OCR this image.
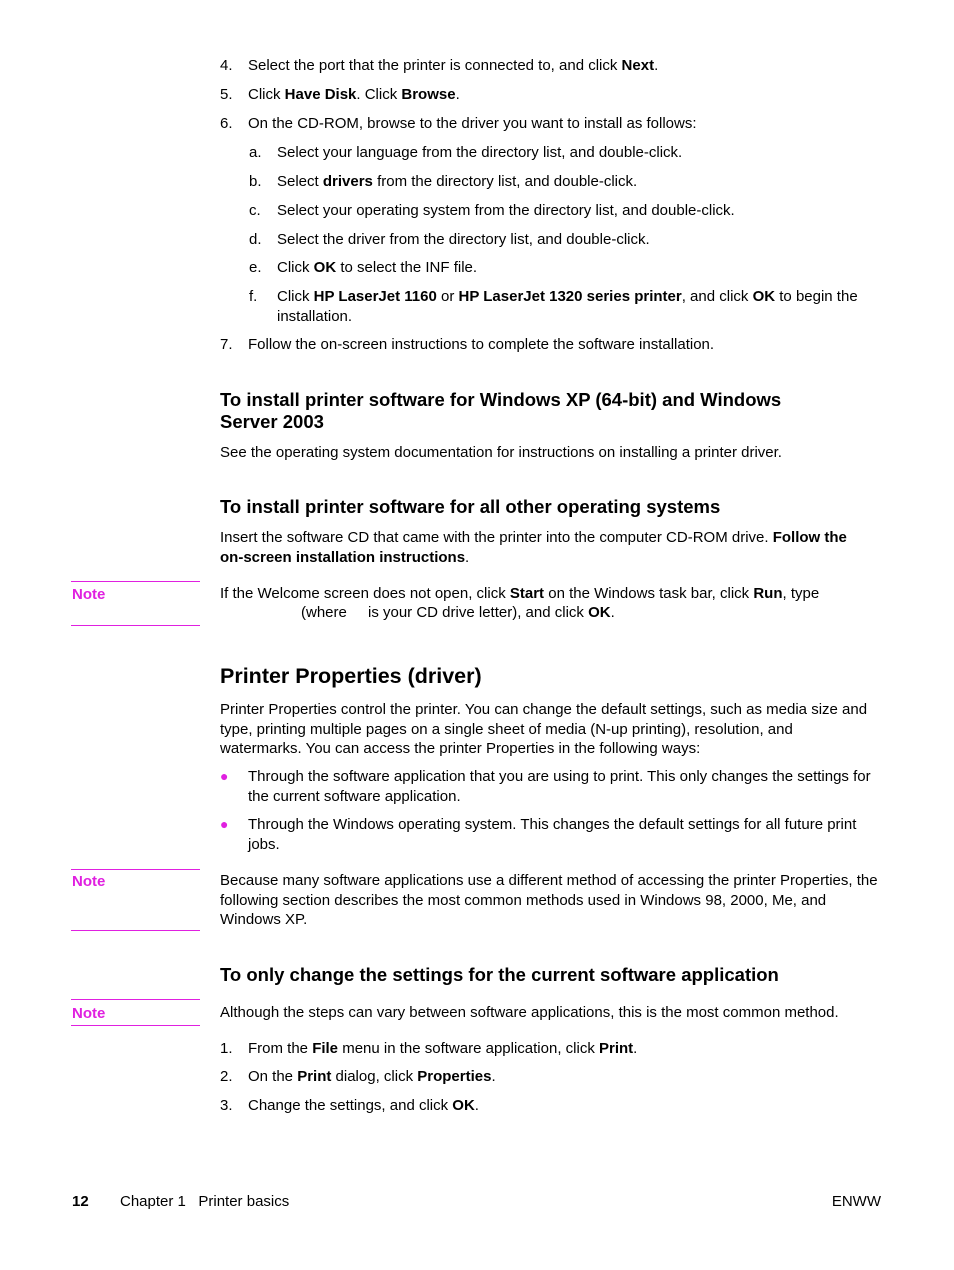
4. Select the port that the printer is connected to, and click Next.
5. Click Have Disk. Click Browse.
6. On the CD-ROM, browse to the driver you want to install as follows:
a. Select your language from the directory list, and double-click.
b. Select drivers from the directory list, and double-click.
c. Select your operating system from the directory list, and double-click.
d. Select the driver from the directory list, and double-click.
e. Click OK to select the INF file.
f. Click HP LaserJet 1160 or HP LaserJet 1320 series printer, and click OK to begin the installation.
7. Follow the on-screen instructions to complete the software installation.
To install printer software for Windows XP (64-bit) and Windows Server 2003
See the operating system documentation for instructions on installing a printer driver.
To install printer software for all other operating systems
Insert the software CD that came with the printer into the computer CD-ROM drive. Follow the on-screen installation instructions.
Note	If the Welcome screen does not open, click Start on the Windows task bar, click Run, type
(where is your CD drive letter), and click OK.
Printer Properties (driver)
Printer Properties control the printer. You can change the default settings, such as media size and type, printing multiple pages on a single sheet of media (N-up printing), resolution, and watermarks. You can access the printer Properties in the following ways:
● Through the software application that you are using to print. This only changes the settings for the current software application.
● Through the Windows operating system. This changes the default settings for all future print jobs.
Note	Because many software applications use a different method of accessing the printer Properties, the following section describes the most common methods used in Windows 98, 2000, Me, and Windows XP.
To only change the settings for the current software application
Note	Although the steps can vary between software applications, this is the most common method.
1. From the File menu in the software application, click Print.
2. On the Print dialog, click Properties.
3. Change the settings, and click OK.
12 Chapter 1   Printer basics	ENWW
